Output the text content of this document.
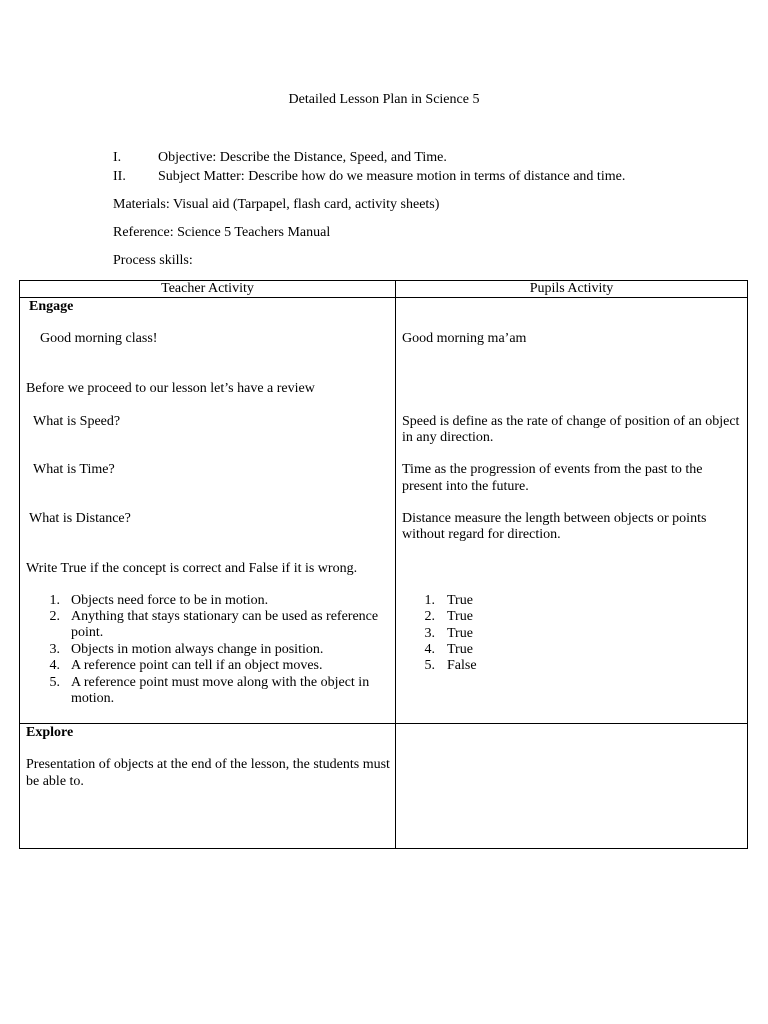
Detailed Lesson Plan in Science 5
I.	Objective: Describe the Distance, Speed, and Time.
II. Subject Matter: Describe how do we measure motion in terms of distance and time.
Materials: Visual aid (Tarpapel, flash card, activity sheets)
Reference: Science 5 Teachers Manual
Process skills:
Teacher Activity	Pupils Activity
Engage
Good morning class!
Before we proceed to our lesson let’s have a review
What is Speed?
What is Time?
What is Distance?
Write True if the concept is correct and False if it is wrong.
1. Objects need force to be in motion.
2. Anything that stays stationary can be used as reference
point.
3. Objects in motion always change in position.
4. A reference point can tell if an object moves.
5. A reference point must move along with the object in
motion.
Good morning ma’am
Speed is define as the rate of change of position of an object
in any direction.
Time as the progression of events from the past to the
present into the future.
Distance measure the length between objects or points
without regard for direction.
1. True
2. True
3. True
4. True
5. False
Explore
Presentation of objects at the end of the lesson, the students must
be able to.
